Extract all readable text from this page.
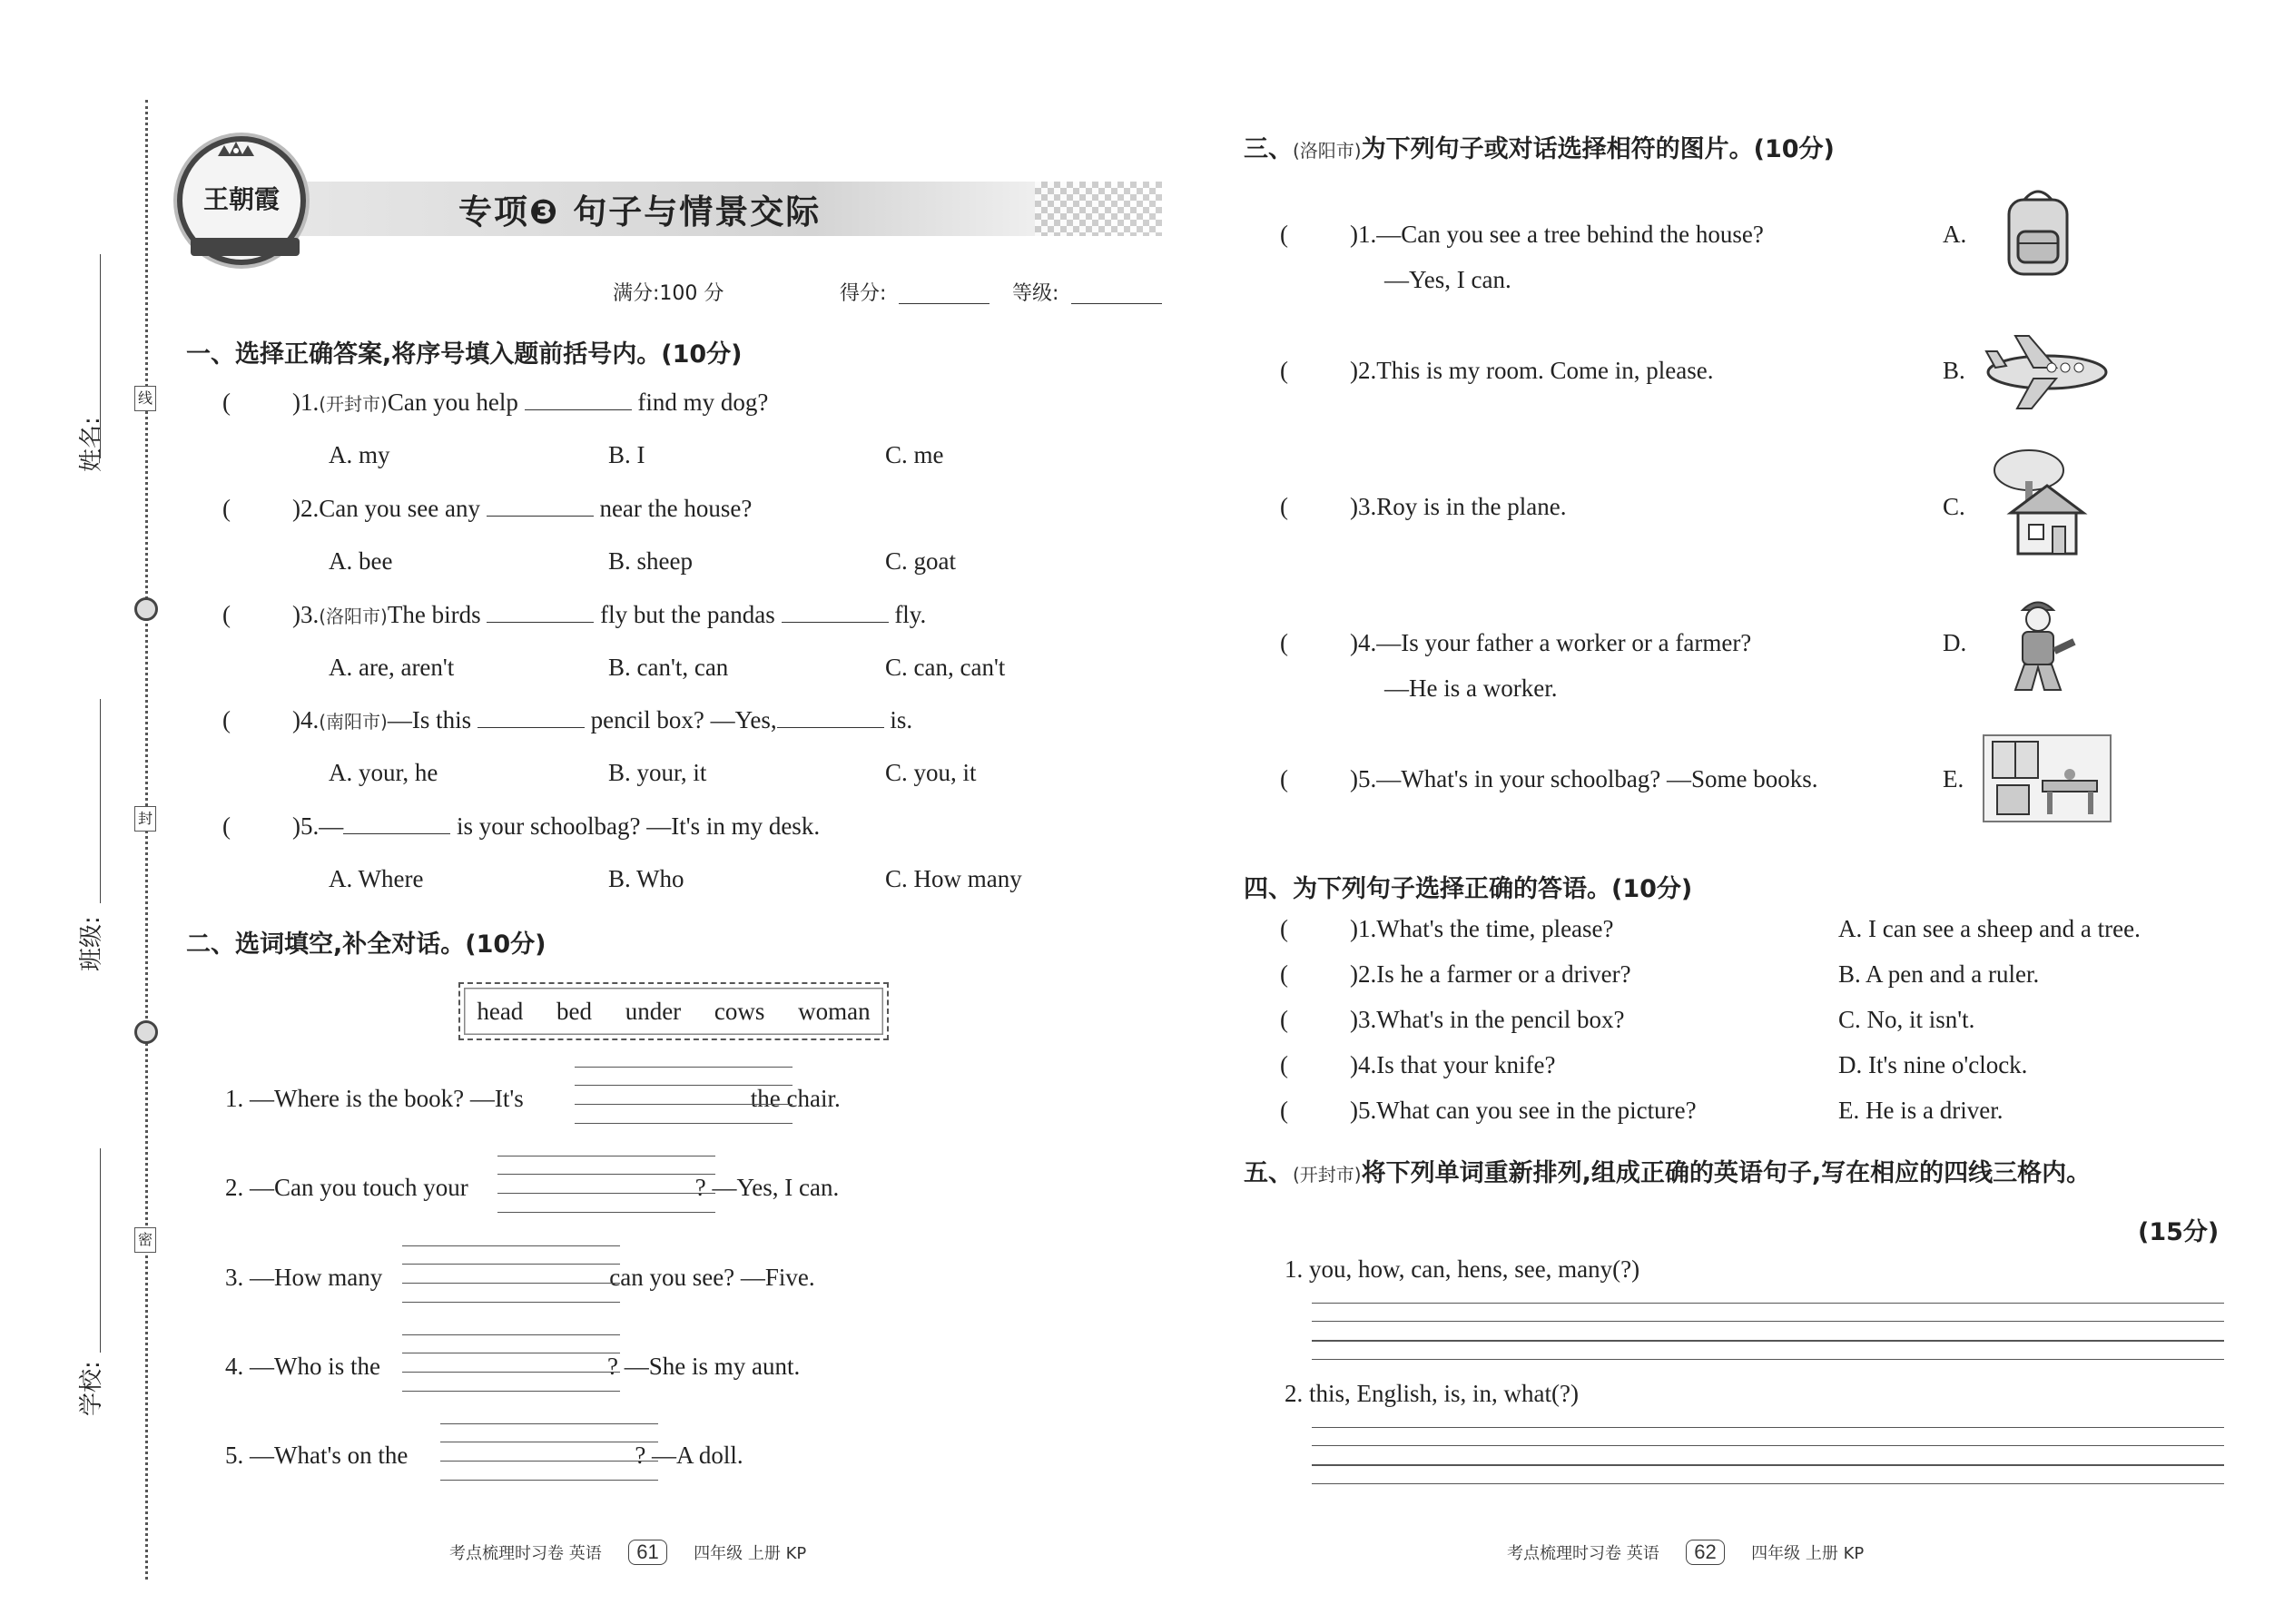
线
封
密
姓名:
班级:
学校:
王朝霞	专项❸ 句子与情景交际
满分:100 分	得分:	等级:
一、选择正确答案,将序号填入题前括号内。(10分)
(	)1.(开封市)Can you help	find my dog?
A. my	B. I	C. me
(	)2.Can you see any	near the house?
A. bee	B. sheep	C. goat
(	)3.(洛阳市)The birds	fly but the pandas	fly.
A. are, aren't	B. can't, can	C. can, can't
(	)4.(南阳市)—Is this	pencil box? —Yes,	is.
A. your, he	B. your, it	C. you, it
(	)5.—	is your schoolbag? —It's in my desk.
A. Where	B. Who	C. How many
二、选词填空,补全对话。(10分)
head bed under cows woman
1. —Where is the book? —It's	the chair.
2. —Can you touch your	? —Yes, I can.
3. —How many	can you see? —Five.
4. —Who is the	? —She is my aunt.
5. —What's on the	? —A doll.
考点梳理时习卷 英语 61 四年级 上册 KP
三、(洛阳市)为下列句子或对话选择相符的图片。(10分)
(	)1.—Can you see a tree behind the house?
—Yes, I can.
A.
(	)2.This is my room. Come in, please.	B.
(	)3.Roy is in the plane.	C.
(	)4.—Is your father a worker or a farmer?
—He is a worker.
D.
(	)5.—What's in your schoolbag? —Some books.	E.
四、为下列句子选择正确的答语。(10分)
(	)1.What's the time, please?	A. I can see a sheep and a tree.
(	)2.Is he a farmer or a driver?	B. A pen and a ruler.
(	)3.What's in the pencil box?	C. No, it isn't.
(	)4.Is that your knife?	D. It's nine o'clock.
(	)5.What can you see in the picture?	E. He is a driver.
五、(开封市)将下列单词重新排列,组成正确的英语句子,写在相应的四线三格内。
(15分)
1. you, how, can, hens, see, many(?)
2. this, English, is, in, what(?)
考点梳理时习卷 英语 62 四年级 上册 KP
